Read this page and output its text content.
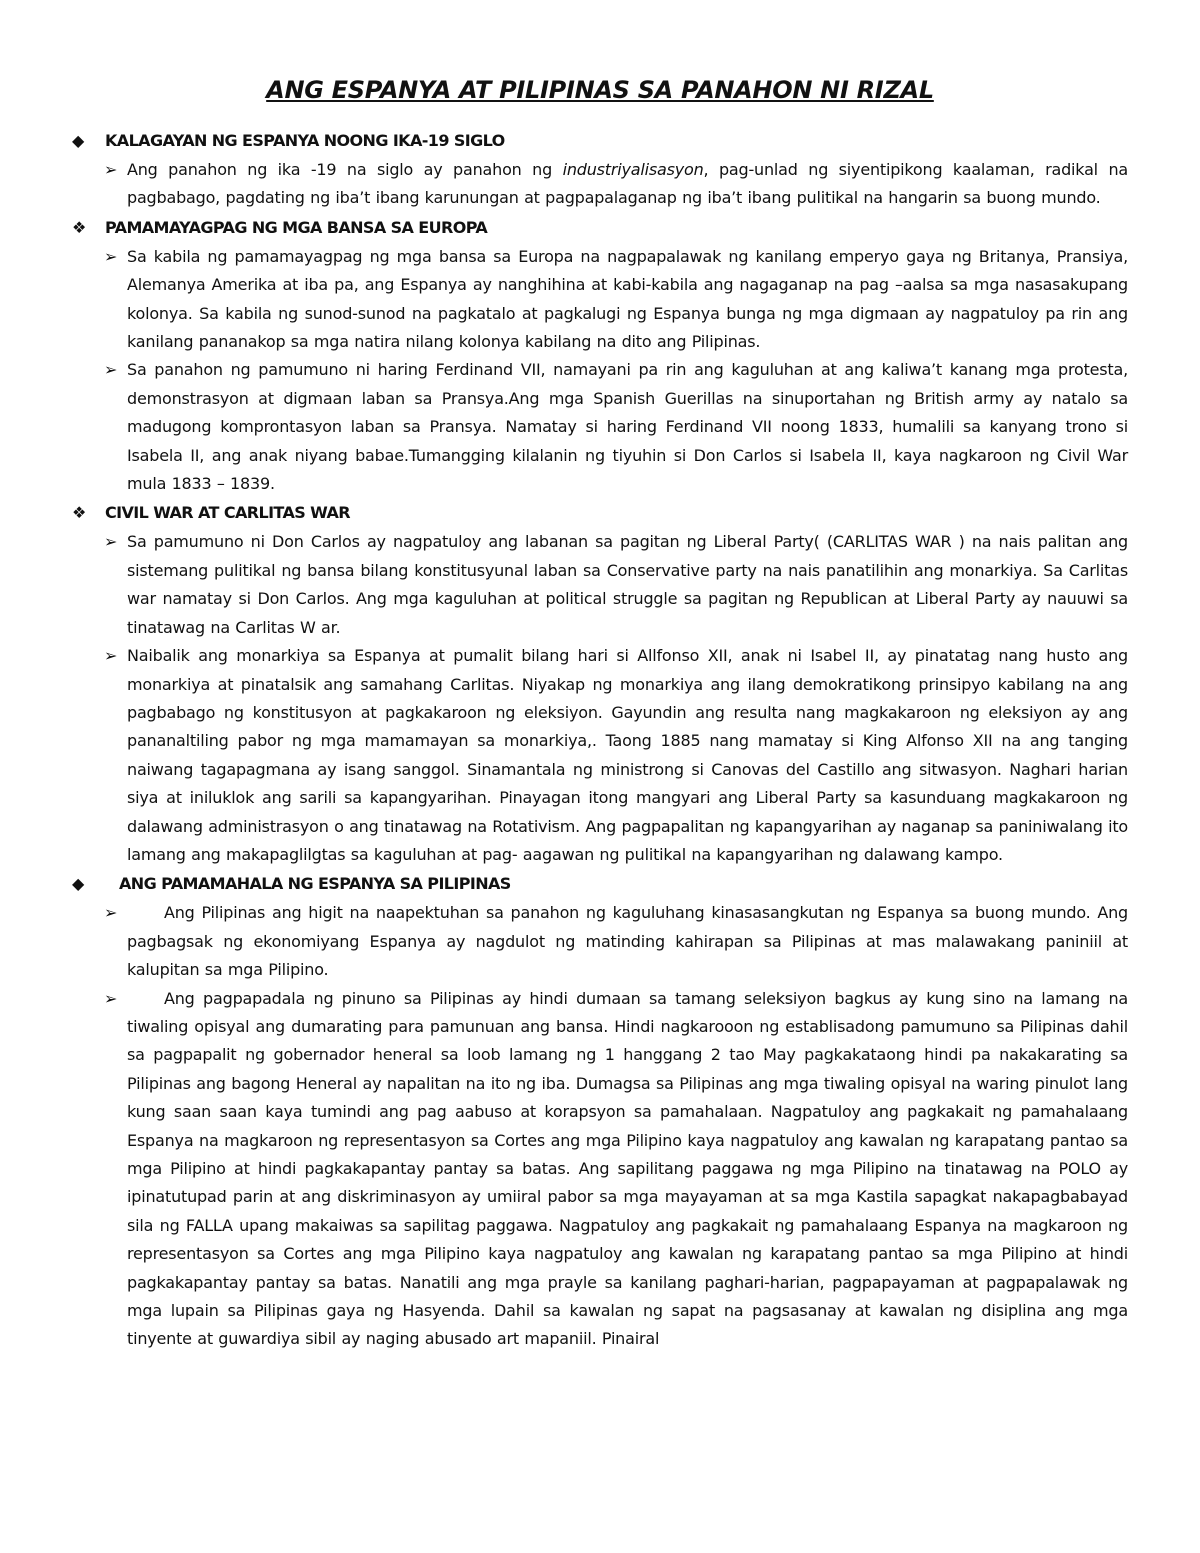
ANG ESPANYA AT PILIPINAS SA PANAHON NI RIZAL
◆ KALAGAYAN NG ESPANYA NOONG IKA-19 SIGLO
➢ Ang panahon ng ika -19 na siglo ay panahon ng industriyalisasyon, pag-unlad ng siyentipikong kaalaman, radikal na pagbabago, pagdating ng iba’t ibang karunungan at pagpapalaganap ng iba’t ibang pulitikal na hangarin sa buong mundo.

❖ PAMAMAYAGPAG NG MGA BANSA SA EUROPA
➢ Sa kabila ng pamamayagpag ng mga bansa sa Europa na nagpapalawak ng kanilang emperyo gaya ng Britanya, Pransiya, Alemanya Amerika at iba pa, ang Espanya ay nanghihina at kabi-kabila ang nagaganap na pag –aalsa sa mga nasasakupang kolonya. Sa kabila ng sunod-sunod na pagkatalo at pagkalugi ng Espanya bunga ng mga digmaan ay nagpatuloy pa rin ang kanilang pananakop sa mga natira nilang kolonya kabilang na dito ang Pilipinas.

➢ Sa panahon ng pamumuno ni haring Ferdinand VII, namayani pa rin ang kaguluhan at ang kaliwa’t kanang mga protesta, demonstrasyon at digmaan laban sa Pransya.Ang mga Spanish Guerillas na sinuportahan ng British army ay natalo sa madugong komprontasyon laban sa Pransya. Namatay si haring Ferdinand VII noong 1833, humalili sa kanyang trono si Isabela II, ang anak niyang babae.Tumangging kilalanin ng tiyuhin si Don Carlos si Isabela II, kaya nagkaroon ng Civil War mula 1833 – 1839.

❖ CIVIL WAR AT CARLITAS WAR
➢ Sa pamumuno ni Don Carlos ay nagpatuloy ang labanan sa pagitan ng Liberal Party( (CARLITAS WAR ) na nais palitan ang sistemang pulitikal ng bansa bilang konstitusyunal laban sa Conservative party na nais panatilihin ang monarkiya. Sa Carlitas war namatay si Don Carlos. Ang mga kaguluhan at political struggle sa pagitan ng Republican at Liberal Party ay nauuwi sa tinatawag na Carlitas W ar.

➢ Naibalik ang monarkiya sa Espanya at pumalit bilang hari si Allfonso XII, anak ni Isabel II, ay pinatatag nang husto ang monarkiya at pinatalsik ang samahang Carlitas. Niyakap ng monarkiya ang ilang demokratikong prinsipyo kabilang na ang pagbabago ng konstitusyon at pagkakaroon ng eleksiyon. Gayundin ang resulta nang magkakaroon ng eleksiyon ay ang pananaltiling pabor ng mga mamamayan sa monarkiya,. Taong 1885 nang mamatay si King Alfonso XII na ang tanging naiwang tagapagmana ay isang sanggol. Sinamantala ng ministrong si Canovas del Castillo ang sitwasyon. Naghari harian siya at iniluklok ang sarili sa kapangyarihan. Pinayagan itong mangyari ang Liberal Party sa kasunduang magkakaroon ng dalawang administrasyon o ang tinatawag na Rotativism. Ang pagpapalitan ng kapangyarihan ay naganap sa paniniwalang ito lamang ang makapaglilgtas sa kaguluhan at pag- aagawan ng pulitikal na kapangyarihan ng dalawang kampo.

◆ ANG PAMAMAHALA NG ESPANYA SA PILIPINAS
➢	Ang Pilipinas ang higit na naapektuhan sa panahon ng kaguluhang kinasasangkutan ng Espanya sa buong mundo. Ang pagbagsak ng ekonomiyang Espanya ay nagdulot ng matinding kahirapan sa Pilipinas at mas malawakang paniniil at kalupitan sa mga Pilipino.

➢	Ang pagpapadala ng pinuno sa Pilipinas ay hindi dumaan sa tamang seleksiyon bagkus ay kung sino na lamang na tiwaling opisyal ang dumarating para pamunuan ang bansa. Hindi nagkarooon ng establisadong pamumuno sa Pilipinas dahil sa pagpapalit ng gobernador heneral sa loob lamang ng 1 hanggang 2 tao May pagkakataong hindi pa nakakarating sa Pilipinas ang bagong Heneral ay napalitan na ito ng iba. Dumagsa sa Pilipinas ang mga tiwaling opisyal na waring pinulot lang kung saan saan kaya tumindi ang pag aabuso at korapsyon sa pamahalaan. Nagpatuloy ang pagkakait ng pamahalaang Espanya na magkaroon ng representasyon sa Cortes ang mga Pilipino kaya nagpatuloy ang kawalan ng karapatang pantao sa mga Pilipino at hindi pagkakapantay pantay sa batas. Ang sapilitang paggawa ng mga Pilipino na tinatawag na POLO ay ipinatutupad parin at ang diskriminasyon ay umiiral pabor sa mga mayayaman at sa mga Kastila sapagkat nakapagbabayad sila ng FALLA upang makaiwas sa sapilitag paggawa. Nagpatuloy ang pagkakait ng pamahalaang Espanya na magkaroon ng representasyon sa Cortes ang mga Pilipino kaya nagpatuloy ang kawalan ng karapatang pantao sa mga Pilipino at hindi pagkakapantay pantay sa batas. Nanatili ang mga prayle sa kanilang paghari-harian, pagpapayaman at pagpapalawak ng mga lupain sa Pilipinas gaya ng Hasyenda. Dahil sa kawalan ng sapat na pagsasanay at kawalan ng disiplina ang mga tinyente at guwardiya sibil ay naging abusado art mapaniil. Pinairal
